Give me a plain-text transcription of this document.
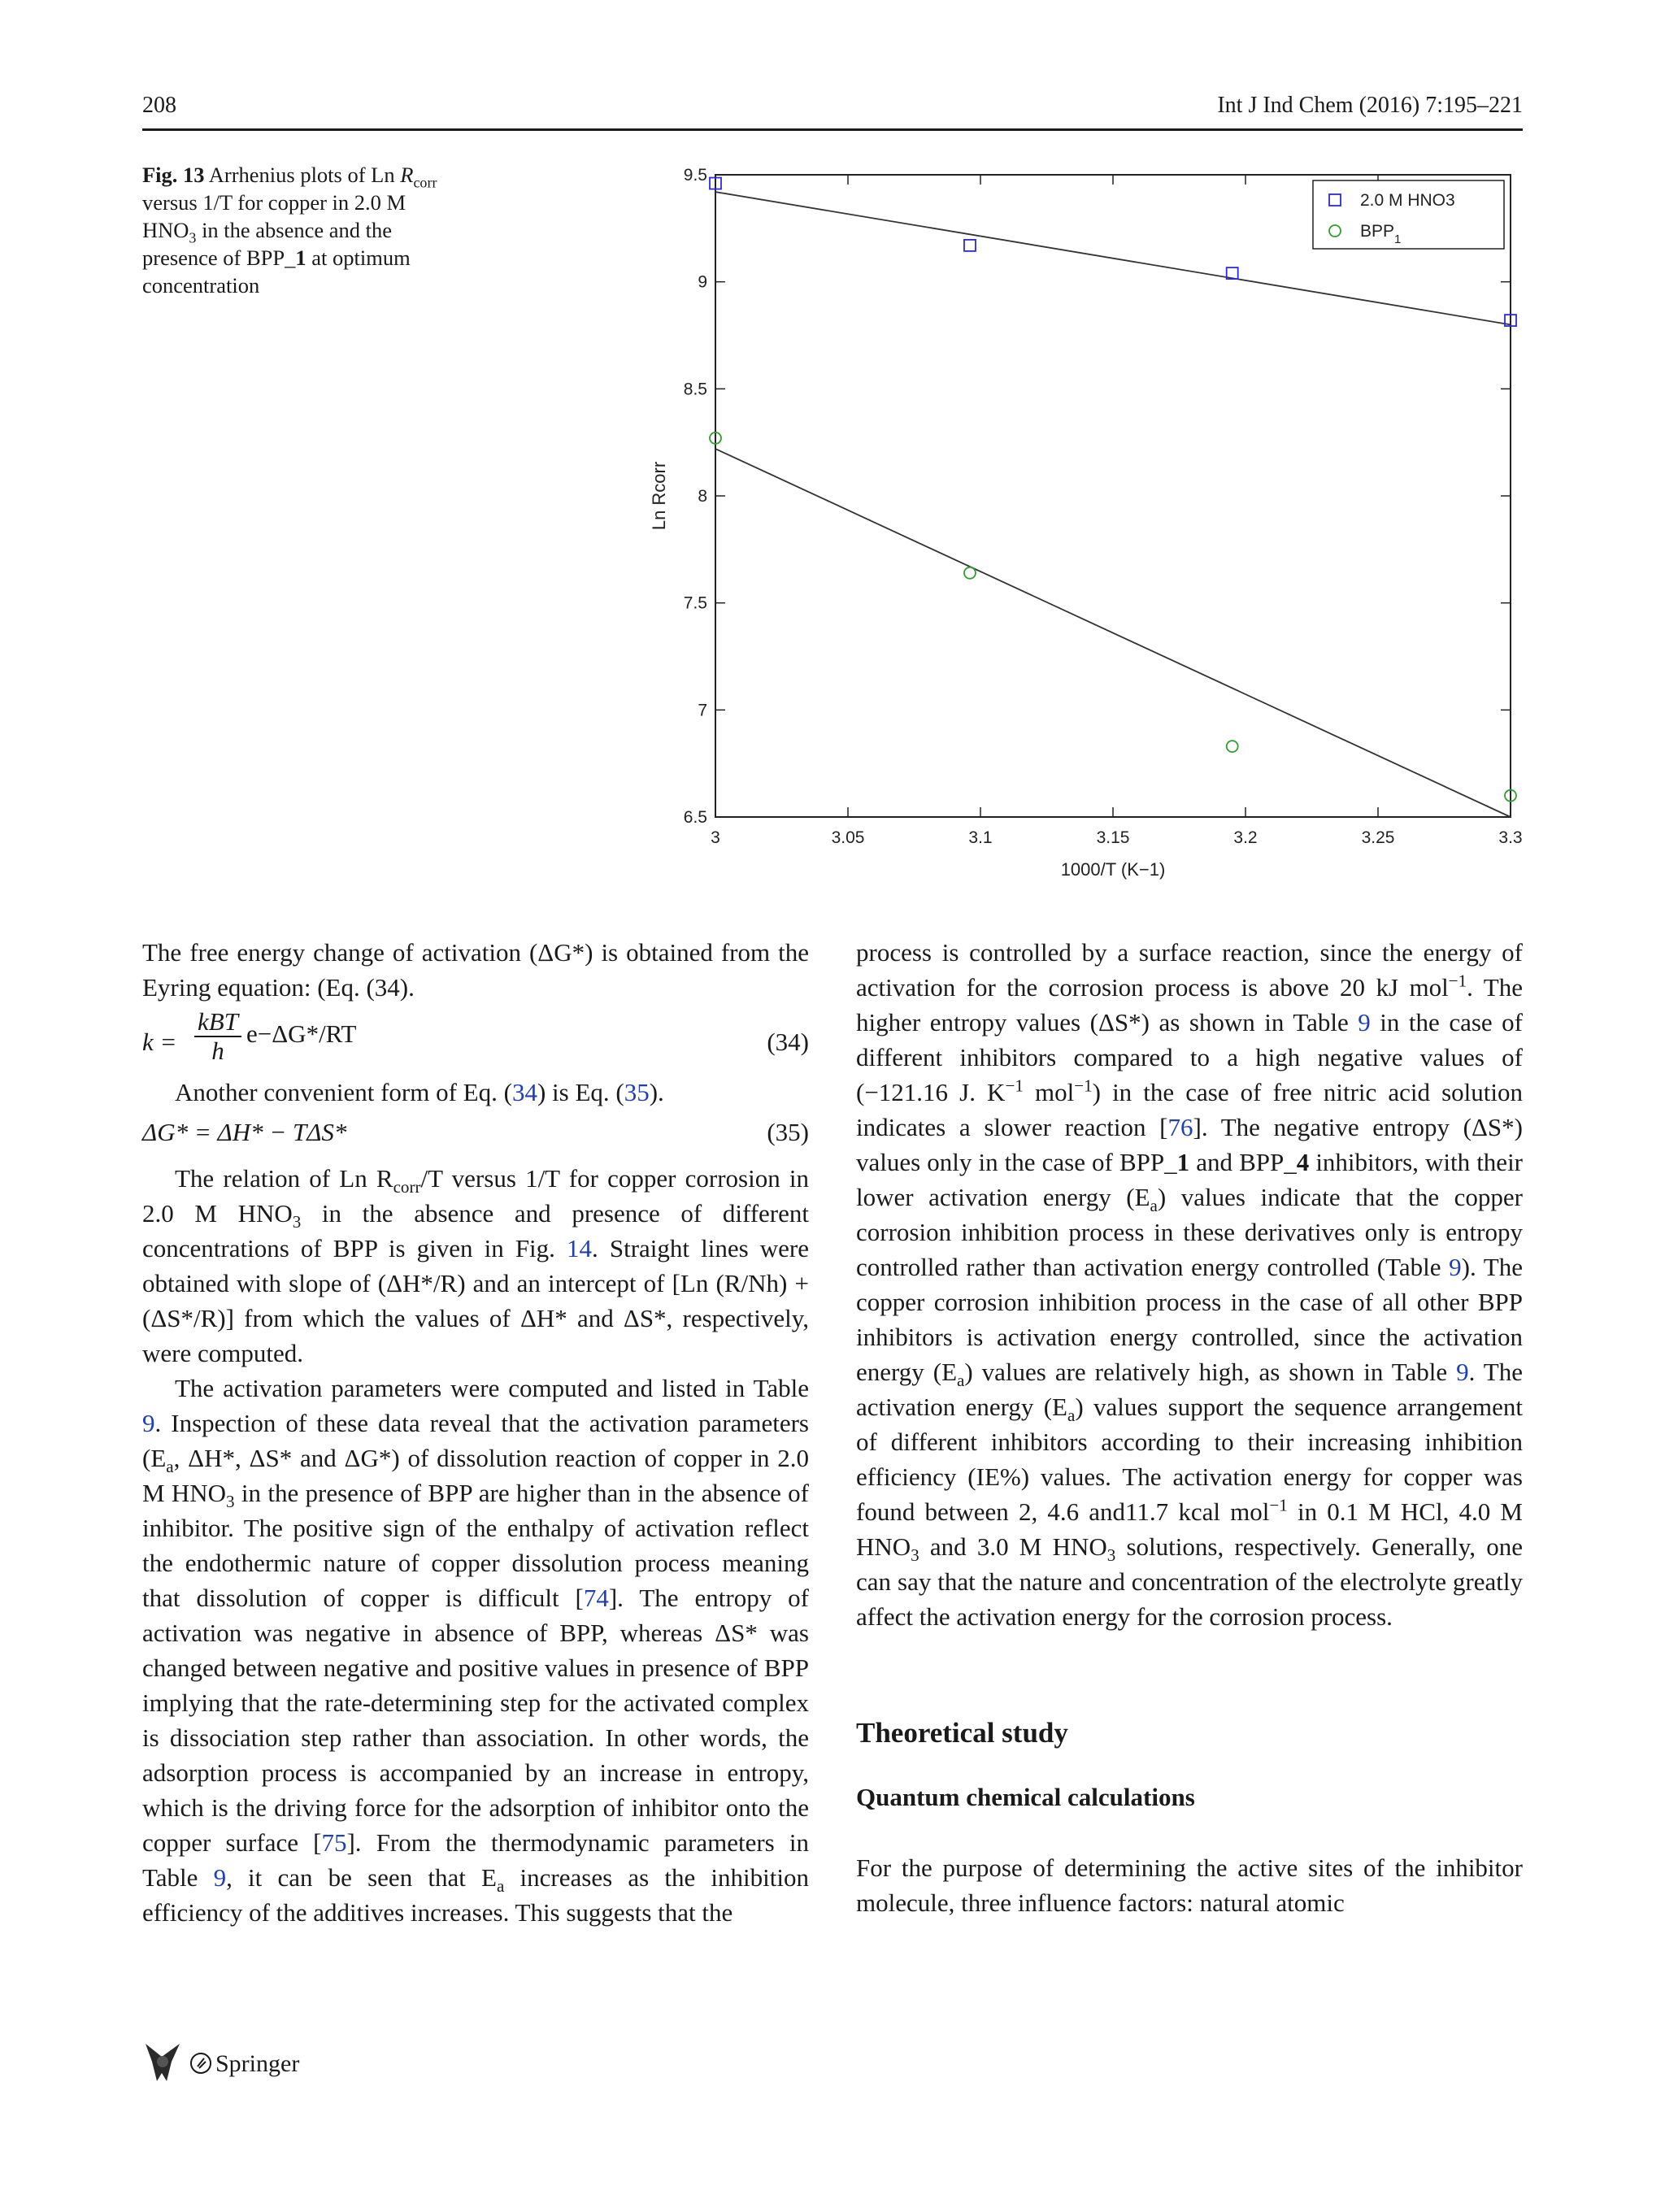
208	Int J Ind Chem (2016) 7:195–221
Fig. 13 Arrhenius plots of Ln $R_{corr}$ versus 1/T for copper in 2.0 M $HNO_3$ in the absence and the presence of BPP_1 at optimum concentration
3	3.05	3.1	3.15	3.2	3.25	3.3
6.5
7
7.5
8
8.5
9
9.5
1000/T (K−1)
Ln Rcorr
2.0 M HNO3
$BPP_1$

The free energy change of activation (ΔG*) is obtained from the Eyring equation: (Eq. (34).

k =
kBT
h
e−ΔG*/RT	(34)

Another convenient form of Eq. (34) is Eq. (35).

ΔG* = ΔH* − TΔS*	(35)

The relation of Ln $R_{corr}/T$ versus 1/T for copper corrosion in 2.0 M $HNO_3$ in the absence and presence of different concentrations of BPP is given in Fig. 14. Straight lines were obtained with slope of (ΔH*/R) and an intercept of [Ln (R/Nh) + (ΔS*/R)] from which the values of ΔH* and ΔS*, respectively, were computed.

The activation parameters were computed and listed in Table 9. Inspection of these data reveal that the activation parameters ($E_a$, ΔH*, ΔS* and ΔG*) of dissolution reaction of copper in 2.0 M $HNO_3$ in the presence of BPP are higher than in the absence of inhibitor. The positive sign of the enthalpy of activation reflect the endothermic nature of copper dissolution process meaning that dissolution of copper is difficult [74]. The entropy of activation was negative in absence of BPP, whereas ΔS* was changed between negative and positive values in presence of BPP implying that the rate-determining step for the activated complex is dissociation step rather than association. In other words, the adsorption process is accompanied by an increase in entropy, which is the driving force for the adsorption of inhibitor onto the copper surface [75]. From the thermodynamic parameters in Table 9, it can be seen that $E_a$ increases as the inhibition efficiency of the additives increases. This suggests that the

process is controlled by a surface reaction, since the energy of activation for the corrosion process is above 20 kJ mol$^{-1}$. The higher entropy values (ΔS*) as shown in Table 9 in the case of different inhibitors compared to a high negative values of (−121.16 J. $K^{-1}$ mol$^{-1}$) in the case of free nitric acid solution indicates a slower reaction [76]. The negative entropy (ΔS*) values only in the case of BPP_1 and BPP_4 inhibitors, with their lower activation energy $(E_a)$ values indicate that the copper corrosion inhibition process in these derivatives only is entropy controlled rather than activation energy controlled (Table 9). The copper corrosion inhibition process in the case of all other BPP inhibitors is activation energy controlled, since the activation energy $(E_a)$ values are relatively high, as shown in Table 9. The activation energy $(E_a)$ values support the sequence arrangement of different inhibitors according to their increasing inhibition efficiency (IE%) values. The activation energy for copper was found between 2, 4.6 and11.7 kcal mol$^{-1}$ in 0.1 M HCl, 4.0 M $HNO_3$ and 3.0 M $HNO_3$ solutions, respectively. Generally, one can say that the nature and concentration of the electrolyte greatly affect the activation energy for the corrosion process.

Theoretical study

Quantum chemical calculations

For the purpose of determining the active sites of the inhibitor molecule, three influence factors: natural atomic

Springer
